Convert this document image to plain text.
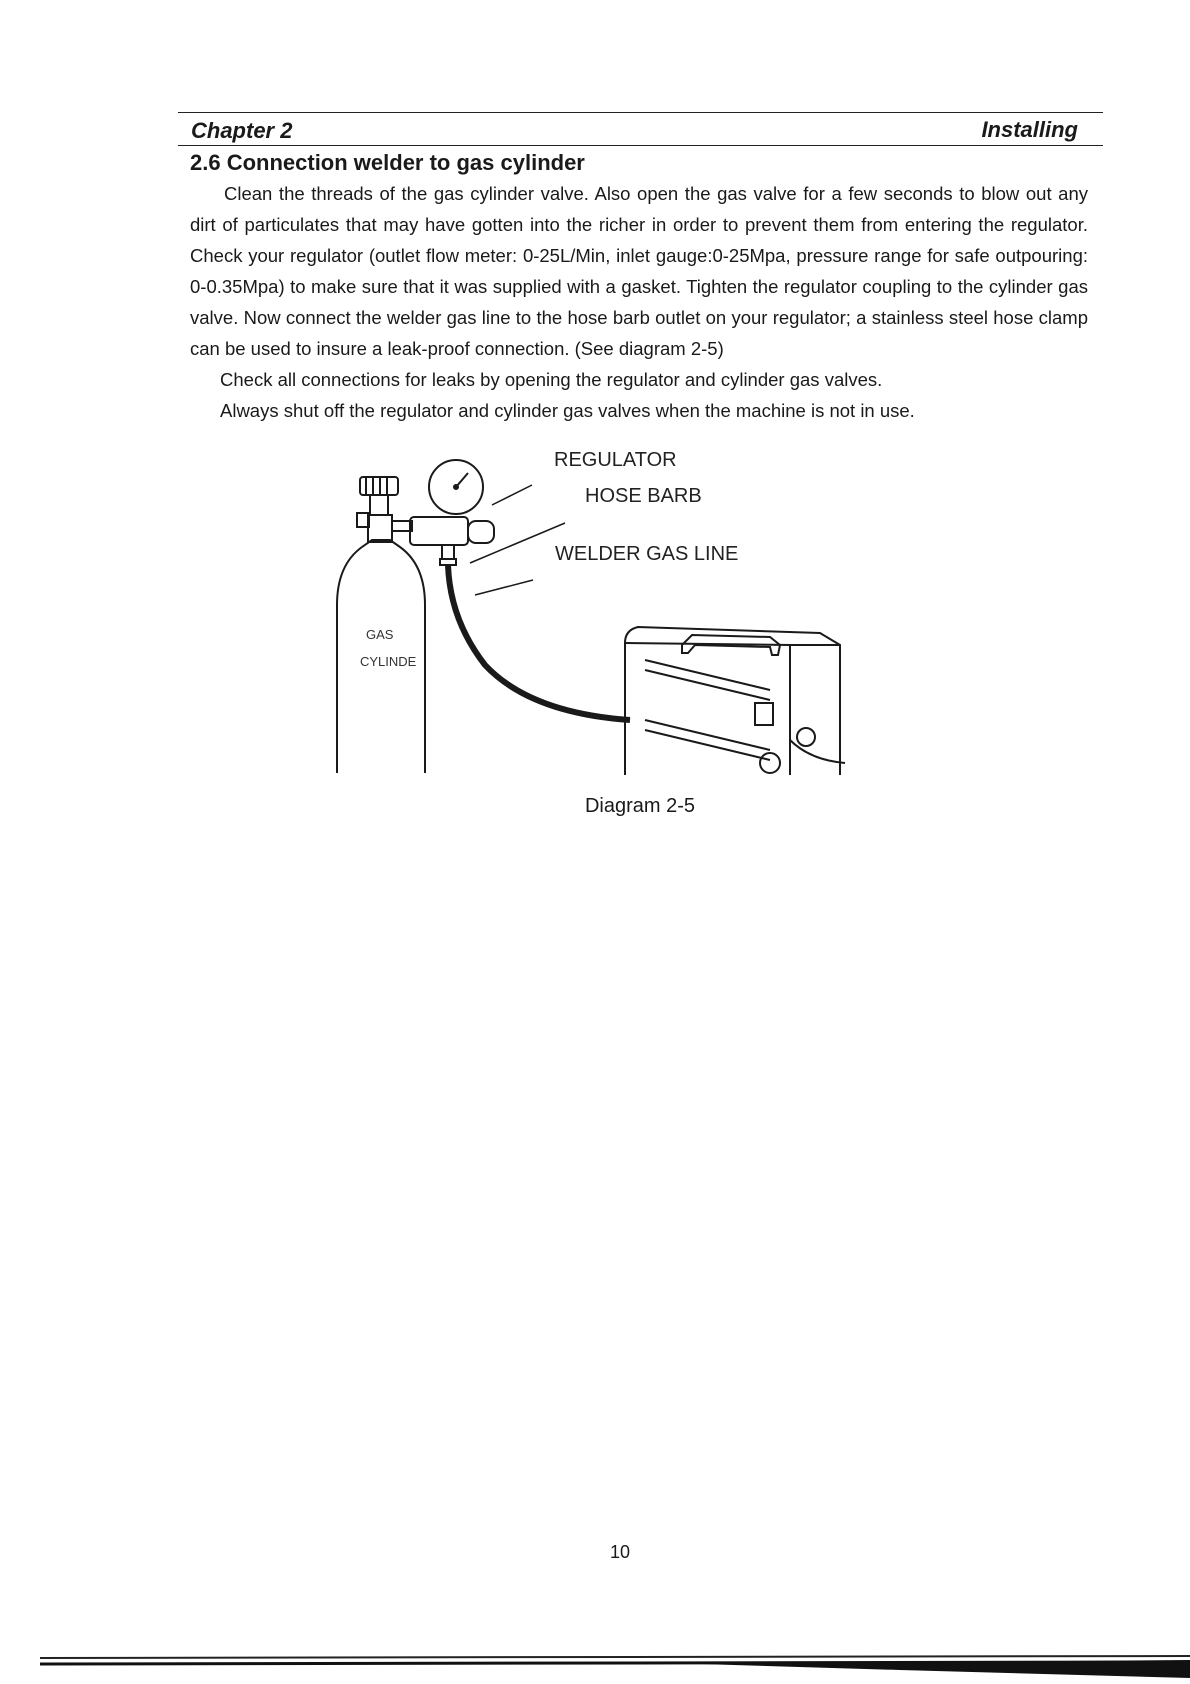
Chapter 2	Installing
2.6 Connection welder to gas cylinder

Clean the threads of the gas cylinder valve. Also open the gas valve for a few seconds to blow out any dirt of particulates that may have gotten into the richer in order to prevent them from entering the regulator. Check your regulator (outlet flow meter: 0-25L/Min, inlet gauge:0-25Mpa, pressure range for safe outpouring: 0-0.35Mpa) to make sure that it was supplied with a gasket. Tighten the regulator coupling to the cylinder gas valve. Now connect the welder gas line to the hose barb outlet on your regulator; a stainless steel hose clamp can be used to insure a leak-proof connection. (See diagram 2-5)

Check all connections for leaks by opening the regulator and cylinder gas valves.

Always shut off the regulator and cylinder gas valves when the machine is not in use.

REGULATOR
HOSE BARB
WELDER GAS LINE
GAS
CYLINDE
Diagram 2-5
10
